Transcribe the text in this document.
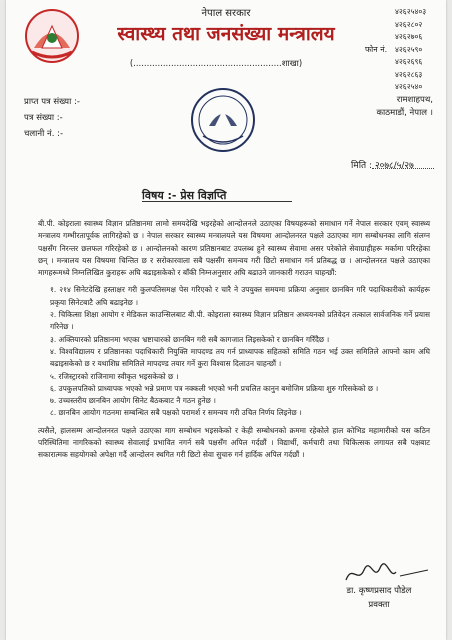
नेपाल सरकार
स्वास्थ्य तथा जनसंख्या मन्त्रालय
(.......................................................शाखा)
फोन नं.
४२६२५४०३
४२६२८०२
४२६२७०६
४२६२५९०
४२६२६९६
४२६२८६३
४२६२५४०
प्राप्त पत्र संख्या :-
पत्र संख्या :-
चलानी नं. :-
रामशाहपथ,
काठमाडौं, नेपाल ।
मिति : २०७८/५/२७
विषय :- प्रेस विज्ञप्ति

बी.पी. कोइराला स्वास्थ्य विज्ञान प्रतिष्ठानमा लामो समयदेखि भइरहेको आन्दोलनले उठाएका विषयहरूको समाधान गर्ने नेपाल सरकार एवम् स्वास्थ्य मन्त्रालय गम्भीरतापूर्वक लागिरहेको छ । नेपाल सरकार स्वास्थ्य मन्त्रालयले यस विषयमा आन्दोलनरत पक्षले उठाएका माग सम्बोधनका लागि संलग्न पक्षसँग निरन्तर छलफल गरिरहेको छ । आन्दोलनको कारण प्रतिष्ठानबाट उपलब्ध हुने स्वास्थ्य सेवामा असर परेकोले सेवाग्राहीहरू मर्कामा परिरहेका छन् । मन्त्रालय यस विषयमा चिन्तित छ र सरोकारवाला सबै पक्षसँग समन्वय गरी छिटो समाधान गर्न प्रतिबद्ध छ । आन्दोलनरत पक्षले उठाएका मागहरूमध्ये निम्नलिखित कुराहरू अघि बढाइसकेको र बाँकी निम्नअनुसार अघि बढाउने जानकारी गराउन चाहन्छौं:

१. २१४ सिनेटदेखि हस्ताक्षर गरी कुलपतिसमक्ष पेस गरिएको र चारै ने उपयुक्त समयमा प्रक्रिया अनुसार छानबिन गरि पदाधिकारीको कार्यहरू प्रकृया सिनेटबाटै अघि बढाइनेछ ।
२. चिकित्सा शिक्षा आयोग र मेडिकल काउन्सिलबाट बी.पी. कोइराला स्वास्थ्य विज्ञान प्रतिष्ठान अध्ययनको प्रतिवेदन तत्काल सार्वजनिक गर्ने प्रयास गरिनेछ ।
३. अक्तियारको प्रतिष्ठानमा भएका भ्रष्टाचारको छानबिन गरी सबै कागजात लिइसकेको र छानबिन गरिँदैछ ।
४. विश्वविद्यालय र प्रतिष्ठानका पदाधिकारी नियुक्ति मापदण्ड तय गर्न प्राध्यापक सहितको समिति गठन भई उक्त समितिले आफ्नो काम अघि बढाइसकेको छ र यथाशिघ्र समितिले मापदण्ड तयार गर्ने कुरा विश्वास दिलाउन चाहन्छौं ।
५. रजिस्ट्रारको राजिनामा स्वीकृत भइसकेको छ ।
६. उपकुलपतिको प्राध्यापक भएको भन्ने प्रमाण पत्र नक्कली भएको भनी प्रचलित कानुन बमोजिम प्रक्रिया शुरु गरिसकेको छ ।
७. उच्चस्तरीय छानबिन आयोग सिनेट बैठकबाट नै गठन हुनेछ ।
८. छानबिन आयोग गठनमा सम्बन्धित सबै पक्षको परामर्श र समन्वय गरी उचित निर्णय लिइनेछ ।

त्यसैले, हालसम्म आन्दोलनरत पक्षले उठाएका माग सम्बोधन भइसकेको र केही सम्बोधनको क्रममा रहेकोले हाल कोभिड महामारीको यस कठिन परिस्थितिमा नागरिकको स्वास्थ्य सेवालाई प्रभावित नगर्न सबै पक्षसँग अपिल गर्दछौं । विद्यार्थी, कर्मचारी तथा चिकित्सक लगायत सबै पक्षबाट सकारात्मक सहयोगको अपेक्षा गर्दै आन्दोलन स्थगित गरी छिटो सेवा सुचारु गर्न हार्दिक अपिल गर्दछौं ।

डा. कृष्णप्रसाद पौडेल
प्रवक्ता
